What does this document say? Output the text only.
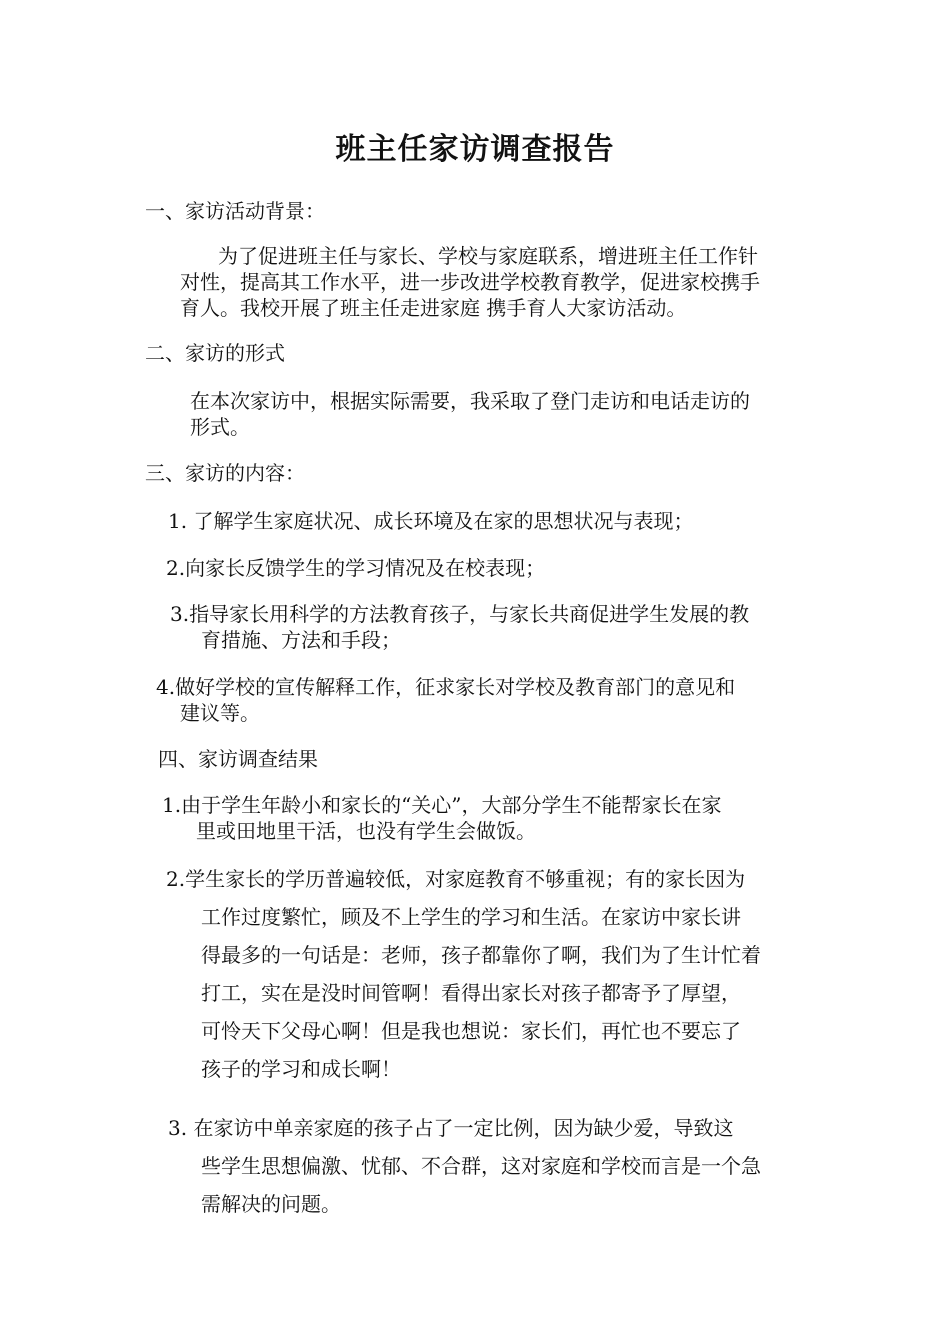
班主任家访调查报告

一、家访活动背景：

为了促进班主任与家长、学校与家庭联系，增进班主任工作针

对性，提高其工作水平，进一步改进学校教育教学，促进家校携手

育人。我校开展了班主任走进家庭 携手育人大家访活动。

二、家访的形式

在本次家访中，根据实际需要，我采取了登门走访和电话走访的

形式。

三、家访的内容：

1. 了解学生家庭状况、成长环境及在家的思想状况与表现；

2.向家长反馈学生的学习情况及在校表现；

3.指导家长用科学的方法教育孩子，与家长共商促进学生发展的教

育措施、方法和手段；

4.做好学校的宣传解释工作，征求家长对学校及教育部门的意见和

建议等。

四、家访调查结果

1.由于学生年龄小和家长的“关心”，大部分学生不能帮家长在家

里或田地里干活，也没有学生会做饭。

2.学生家长的学历普遍较低，对家庭教育不够重视；有的家长因为

工作过度繁忙，顾及不上学生的学习和生活。在家访中家长讲

得最多的一句话是：老师，孩子都靠你了啊，我们为了生计忙着

打工，实在是没时间管啊！看得出家长对孩子都寄予了厚望，

可怜天下父母心啊！但是我也想说：家长们，再忙也不要忘了

孩子的学习和成长啊！

3. 在家访中单亲家庭的孩子占了一定比例，因为缺少爱，导致这

些学生思想偏激、忧郁、不合群，这对家庭和学校而言是一个急

需解决的问题。
